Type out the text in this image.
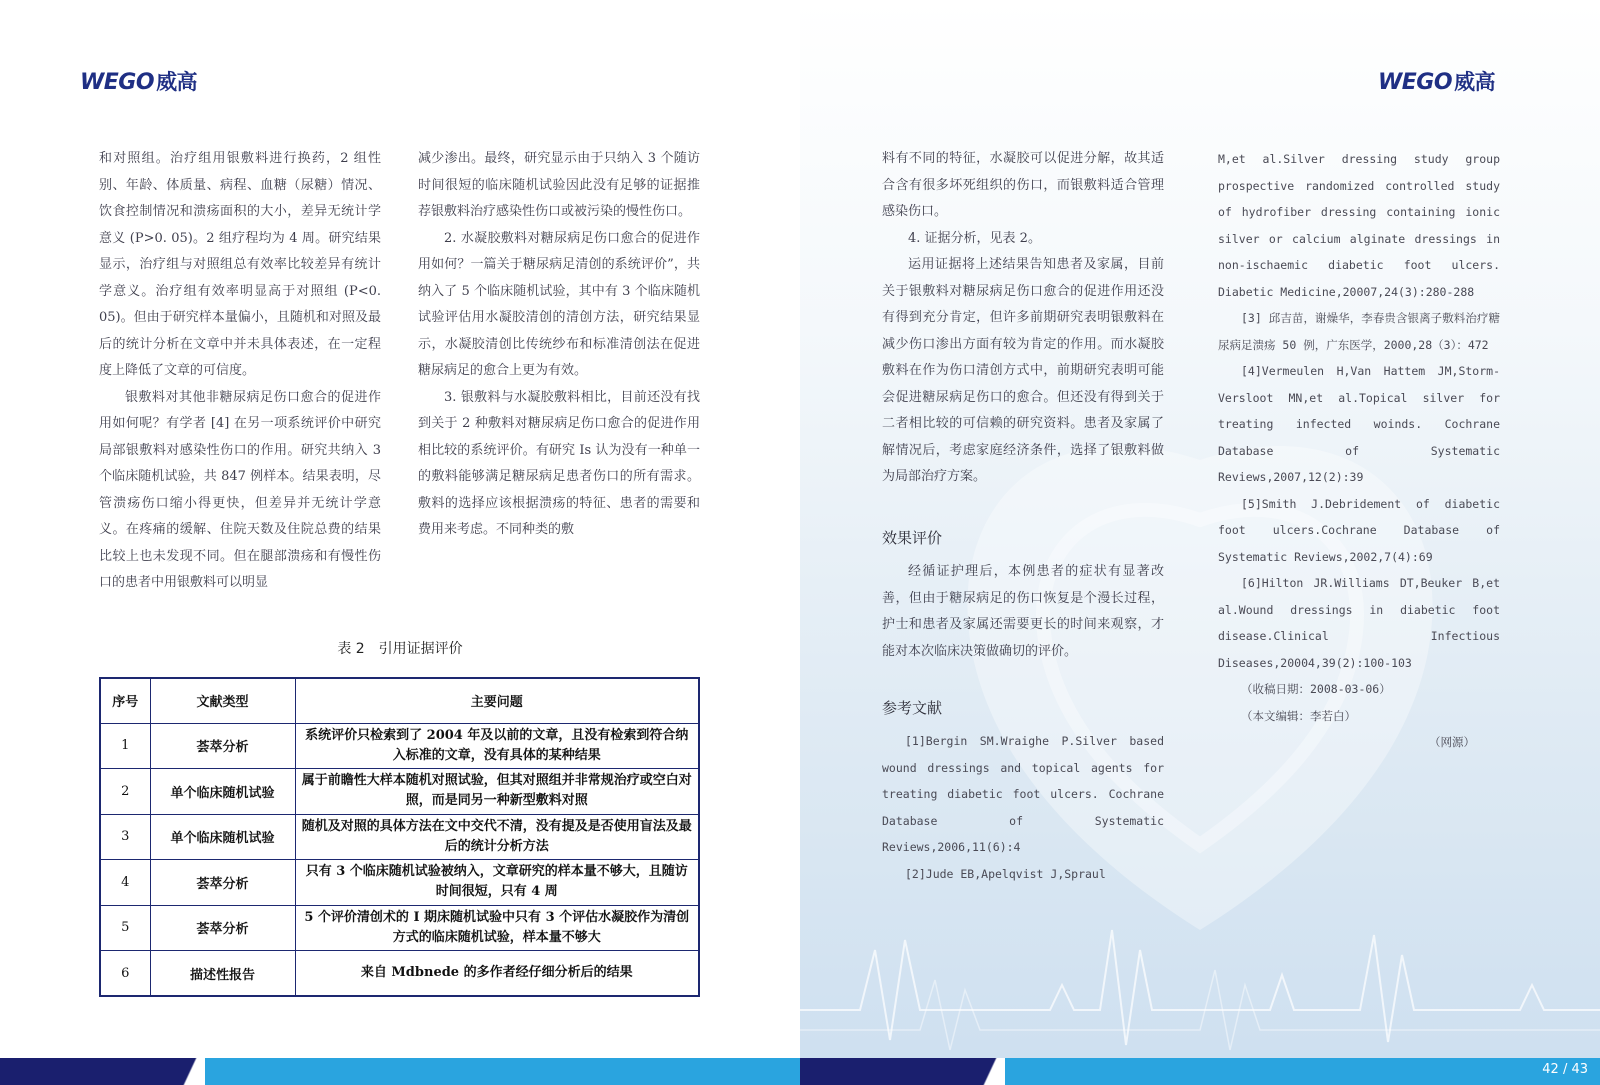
WEGO威高

和对照组。治疗组用银敷料进行换药，2 组性别、年龄、体质量、病程、血糖（尿糖）情况、饮食控制情况和溃疡面积的大小，差异无统计学意义 (P>0. 05)。2 组疗程均为 4 周。研究结果显示，治疗组与对照组总有效率比较差异有统计学意义。治疗组有效率明显高于对照组 (P<0. 05)。但由于研究样本量偏小，且随机和对照及最后的统计分析在文章中并未具体表述，在一定程度上降低了文章的可信度。

银敷料对其他非糖尿病足伤口愈合的促进作用如何呢？有学者 [4] 在另一项系统评价中研究局部银敷料对感染性伤口的作用。研究共纳入 3 个临床随机试验，共 847 例样本。结果表明，尽管溃疡伤口缩小得更快，但差异并无统计学意义。在疼痛的缓解、住院天数及住院总费的结果比较上也未发现不同。但在腿部溃疡和有慢性伤口的患者中用银敷料可以明显

减少渗出。最终，研究显示由于只纳入 3 个随访时间很短的临床随机试验因此没有足够的证据推荐银敷料治疗感染性伤口或被污染的慢性伤口。

2. 水凝胶敷料对糖尿病足伤口愈合的促进作用如何？一篇关于糖尿病足清创的系统评价”，共纳入了 5 个临床随机试验，其中有 3 个临床随机试验评估用水凝胶清创的清创方法，研究结果显示，水凝胶清创比传统纱布和标准清创法在促进糖尿病足的愈合上更为有效。

3. 银敷料与水凝胶敷料相比，目前还没有找到关于 2 种敷料对糖尿病足伤口愈合的促进作用相比较的系统评价。有研究 Is 认为没有一种单一的敷料能够满足糖尿病足患者伤口的所有需求。敷料的选择应该根据溃疡的特征、患者的需要和费用来考虑。不同种类的敷

表 2　引用证据评价
序号	文献类型	主要问题
1	荟萃分析	系统评价只检索到了 2004 年及以前的文章，且没有检索到符合纳入标准的文章，没有具体的某种结果
2	单个临床随机试验	属于前瞻性大样本随机对照试验，但其对照组并非常规治疗或空白对照，而是同另一种新型敷料对照
3	单个临床随机试验	随机及对照的具体方法在文中交代不清，没有提及是否使用盲法及最后的统计分析方法
4	荟萃分析	只有 3 个临床随机试验被纳入，文章研究的样本量不够大，且随访时间很短，只有 4 周
5	荟萃分析	5 个评价清创术的 I 期床随机试验中只有 3 个评估水凝胶作为清创方式的临床随机试验，样本量不够大
6	描述性报告	来自 Mdbnede 的多作者经仔细分析后的结果
WEGO威高

料有不同的特征，水凝胶可以促进分解，故其适合含有很多坏死组织的伤口，而银敷料适合管理感染伤口。

4. 证据分析，见表 2。

运用证据将上述结果告知患者及家属，目前关于银敷料对糖尿病足伤口愈合的促进作用还没有得到充分肯定，但许多前期研究表明银敷料在减少伤口渗出方面有较为肯定的作用。而水凝胶敷料在作为伤口清创方式中，前期研究表明可能会促进糖尿病足伤口的愈合。但还没有得到关于二者相比较的可信赖的研究资料。患者及家属了解情况后，考虑家庭经济条件，选择了银敷料做为局部治疗方案。

效果评价

经循证护理后，本例患者的症状有显著改善，但由于糖尿病足的伤口恢复是个漫长过程，护士和患者及家属还需要更长的时间来观察，才能对本次临床决策做确切的评价。

参考文献

[1]Bergin SM.Wraighe P.Silver based wound dressings and topical agents for treating diabetic foot ulcers. Cochrane Database of Systematic Reviews,2006,11(6):4

[2]Jude EB,Apelqvist J,Spraul

M,et al.Silver dressing study group prospective randomized controlled study of hydrofiber dressing containing ionic silver or calcium alginate dressings in non-ischaemic diabetic foot ulcers. Diabetic Medicine,20007,24(3):280-288

[3] 邱吉苗，谢燥华，李春贵含银离子敷料治疗糖尿病足溃疡 50 例，广东医学，2000,28（3）：472

[4]Vermeulen H,Van Hattem JM,Storm-Versloot MN,et al.Topical silver for treating infected woinds. Cochrane Database of Systematic Reviews,2007,12(2):39

[5]Smith J.Debridement of diabetic foot ulcers.Cochrane Database of Systematic Reviews,2002,7(4):69

[6]Hilton JR.Williams DT,Beuker B,et al.Wound dressings in diabetic foot disease.Clinical Infectious Diseases,20004,39(2):100-103

（收稿日期：2008-03-06）

（本文编辑：李若白）

（网源）

42 / 43
